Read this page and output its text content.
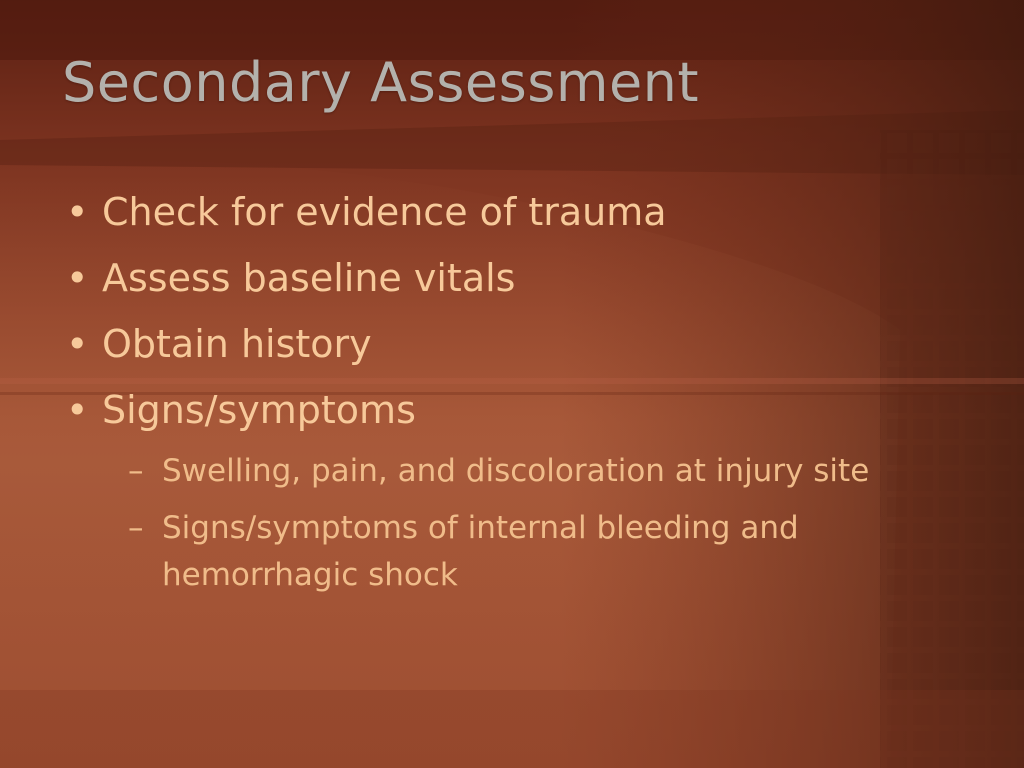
Secondary Assessment
• Check for evidence of trauma
• Assess baseline vitals
• Obtain history
• Signs/symptoms
– Swelling, pain, and discoloration at injury site
– Signs/symptoms of internal bleeding and hemorrhagic shock
